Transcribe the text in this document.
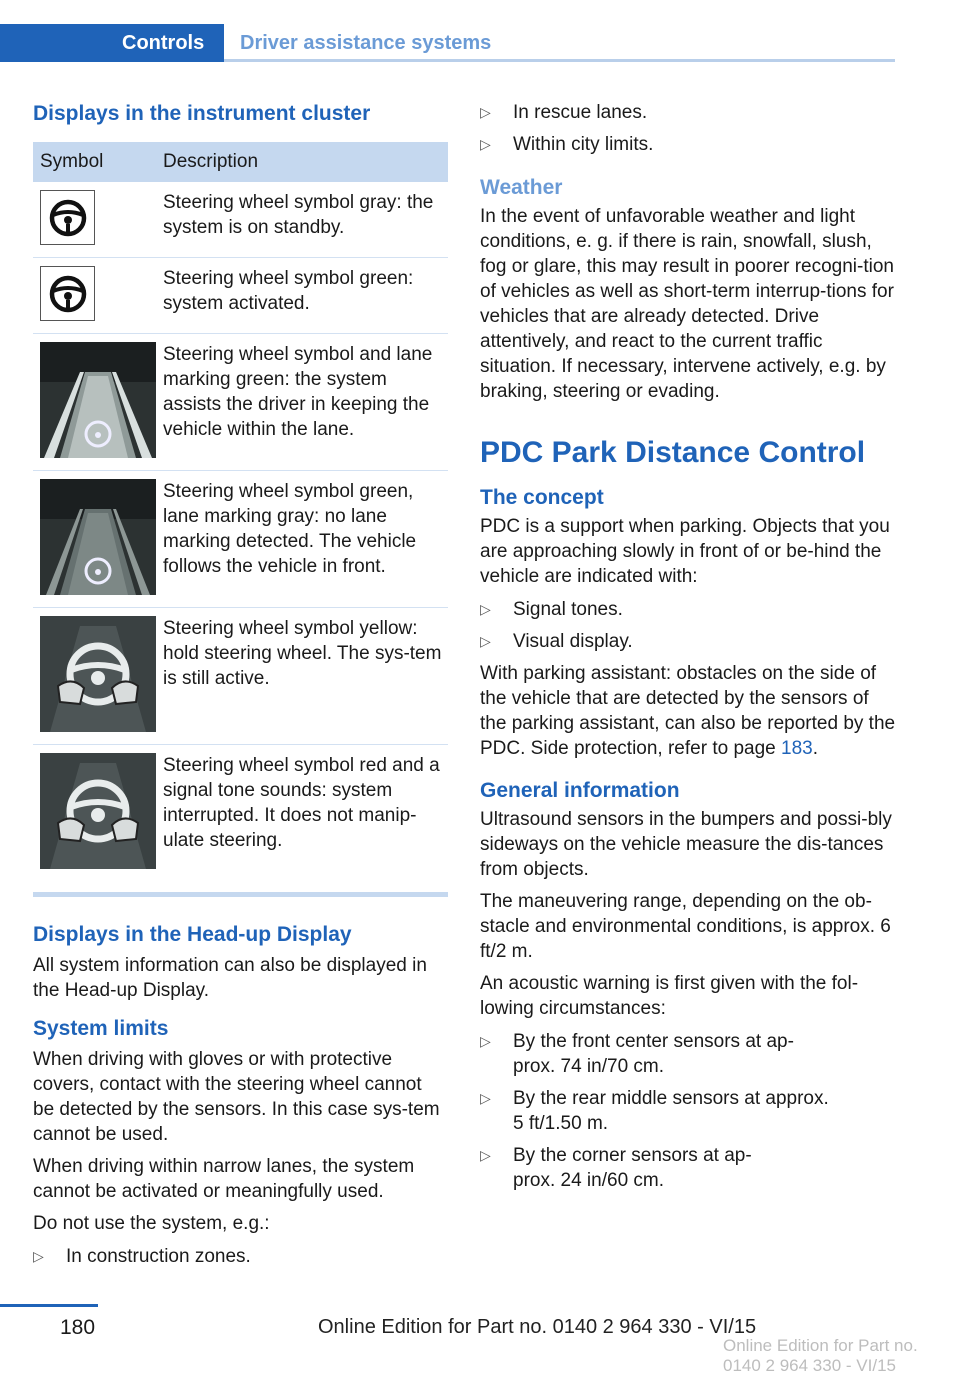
Controls	Driver assistance systems
Displays in the instrument cluster
Symbol	Description
Steering wheel symbol gray: the system is on standby.
Steering wheel symbol green: system activated.
Steering wheel symbol and lane marking green: the system assists the driver in keeping the vehicle within the lane.
Steering wheel symbol green, lane marking gray: no lane marking detected. The vehicle follows the vehicle in front.
Steering wheel symbol yellow: hold steering wheel. The sys‐tem is still active.
Steering wheel symbol red and a signal tone sounds: system interrupted. It does not manip‐ulate steering.
Displays in the Head-up Display

All system information can also be displayed in the Head-up Display.

System limits

When driving with gloves or with protective covers, contact with the steering wheel cannot be detected by the sensors. In this case sys‐tem cannot be used.

When driving within narrow lanes, the system cannot be activated or meaningfully used.

Do not use the system, e.g.:

▷ In construction zones.
▷ In rescue lanes.
▷ Within city limits.
Weather

In the event of unfavorable weather and light conditions, e. g. if there is rain, snowfall, slush, fog or glare, this may result in poorer recogni‐tion of vehicles as well as short-term interrup‐tions for vehicles that are already detected. Drive attentively, and react to the current traffic situation. If necessary, intervene actively, e.g. by braking, steering or evading.

PDC Park Distance Control
The concept

PDC is a support when parking. Objects that you are approaching slowly in front of or be‐hind the vehicle are indicated with:

▷ Signal tones.
▷ Visual display.

With parking assistant: obstacles on the side of the vehicle that are detected by the sensors of the parking assistant, can also be reported by the PDC. Side protection, refer to page 183.

General information

Ultrasound sensors in the bumpers and possi‐bly sideways on the vehicle measure the dis‐tances from objects.

The maneuvering range, depending on the ob‐stacle and environmental conditions, is approx. 6 ft/2 m.

An acoustic warning is first given with the fol‐lowing circumstances:

▷ By the front center sensors at ap‐
prox. 74 in/70 cm.
▷ By the rear middle sensors at approx.
5 ft/1.50 m.
▷ By the corner sensors at ap‐
prox. 24 in/60 cm.
180	Online Edition for Part no. 0140 2 964 330 - VI/15
Online Edition for Part no. 0140 2 964 330 - VI/15
